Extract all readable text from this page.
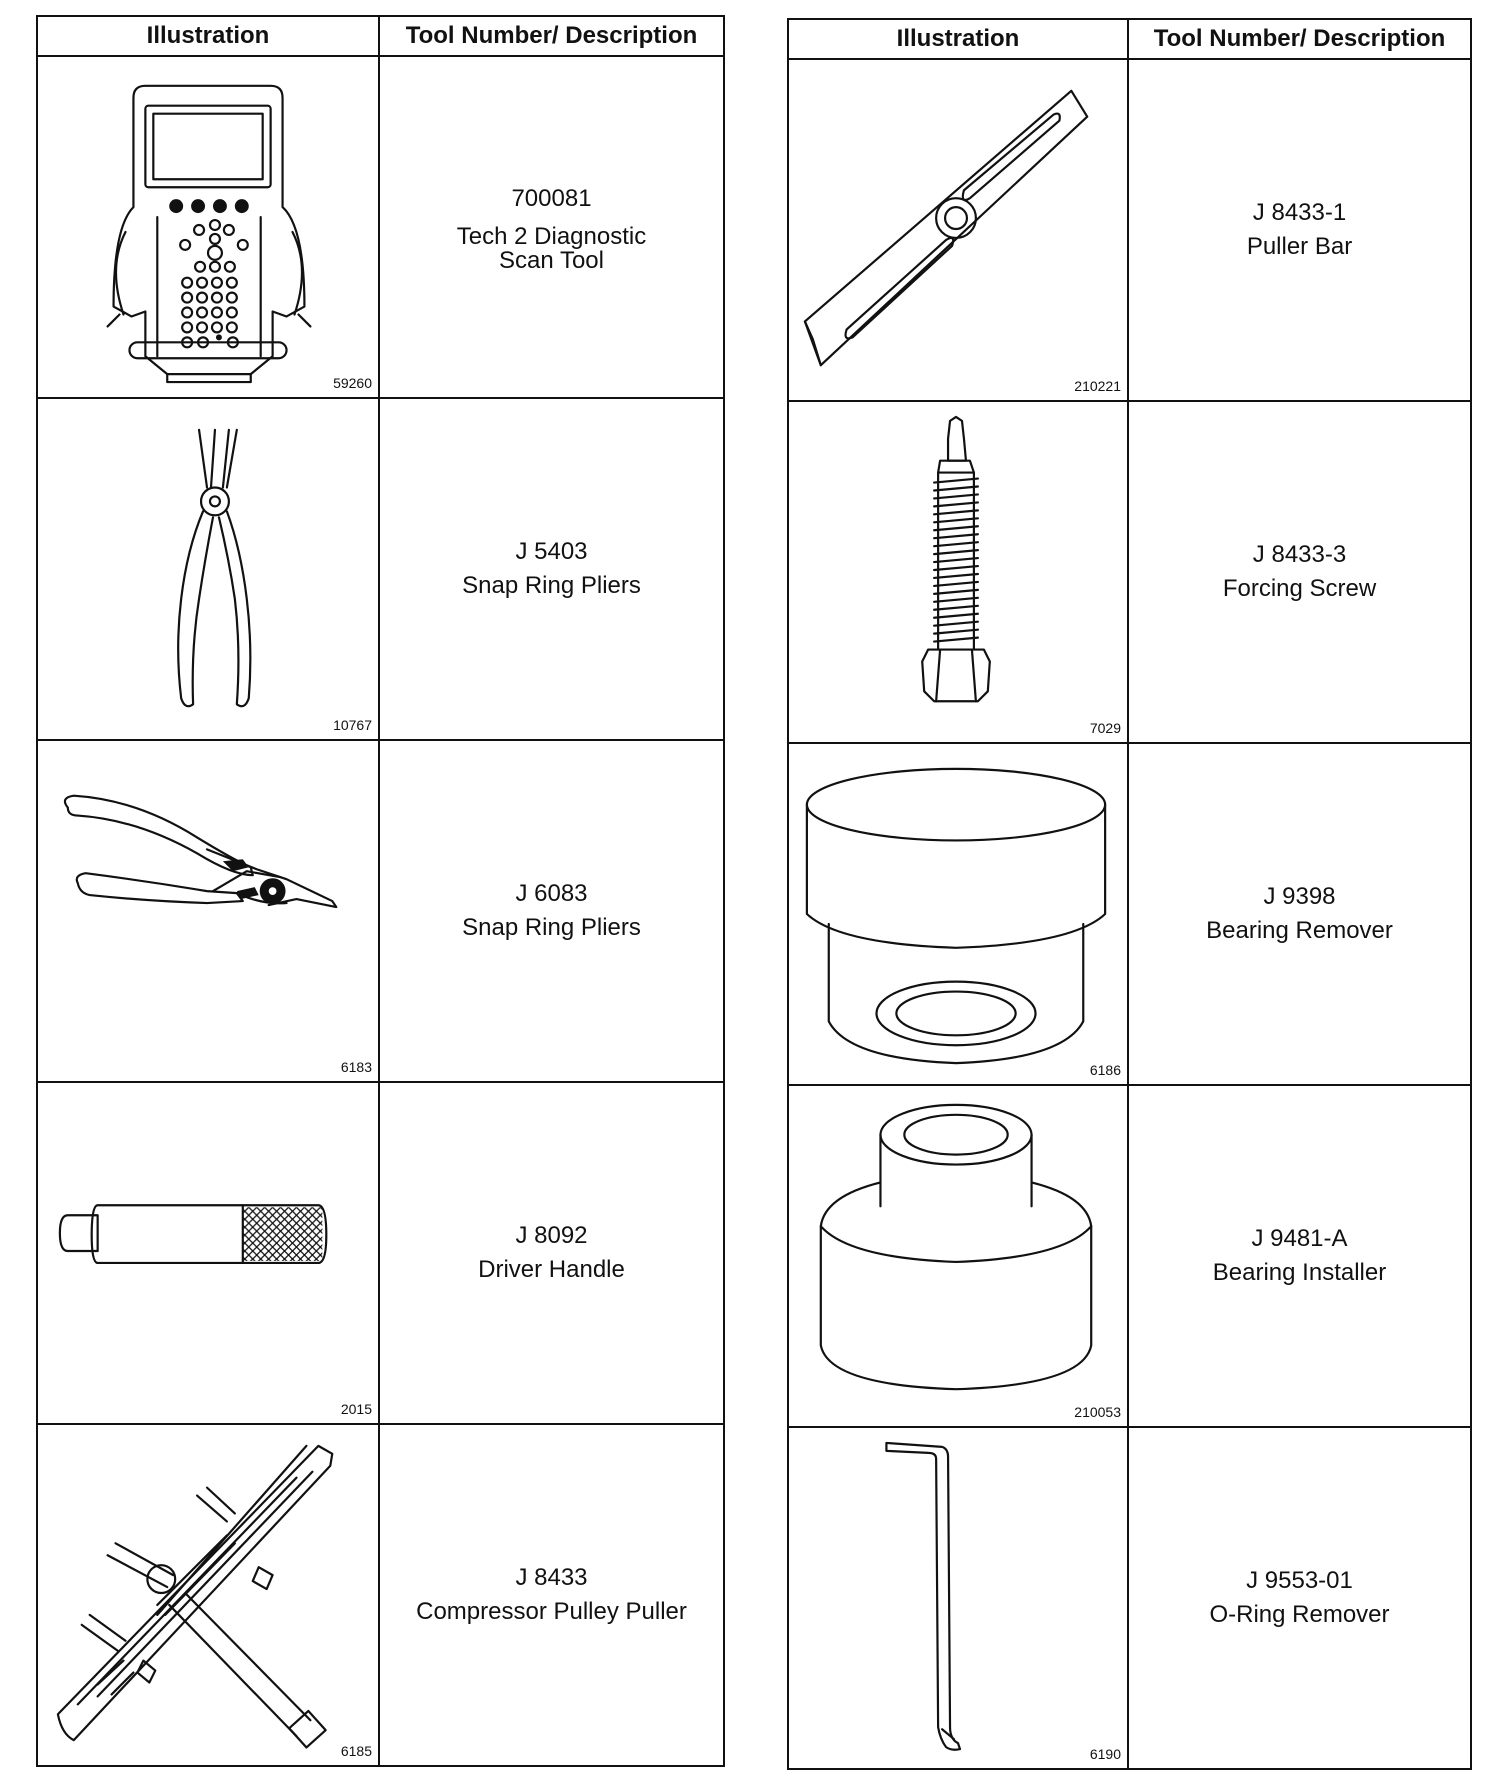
Illustration	Tool Number/ Description

59260	700081
Tech 2 Diagnostic
Scan Tool

10767	J 5403
Snap Ring Pliers

6183	J 6083
Snap Ring Pliers

2015	J 8092
Driver Handle

6185	J 8433
Compressor Pulley Puller
Illustration	Tool Number/ Description

210221	J 8433-1
Puller Bar

7029	J 8433-3
Forcing Screw

6186	J 9398
Bearing Remover

210053	J 9481-A
Bearing Installer

6190	J 9553-01
O-Ring Remover
